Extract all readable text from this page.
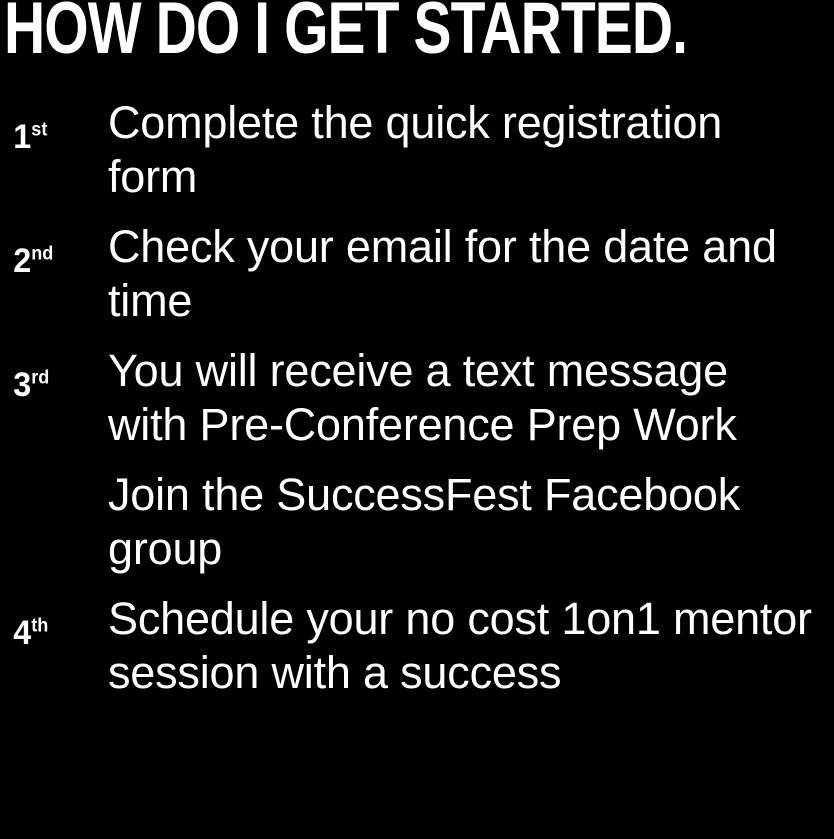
HOW DO I GET STARTED.
1st	Complete the quick registration form
2nd	Check your email for the date and time
3rd	You will receive a text message with Pre-Conference Prep Work
Join the SuccessFest Facebook group
4th	Schedule your no cost 1on1 mentor session with a success
